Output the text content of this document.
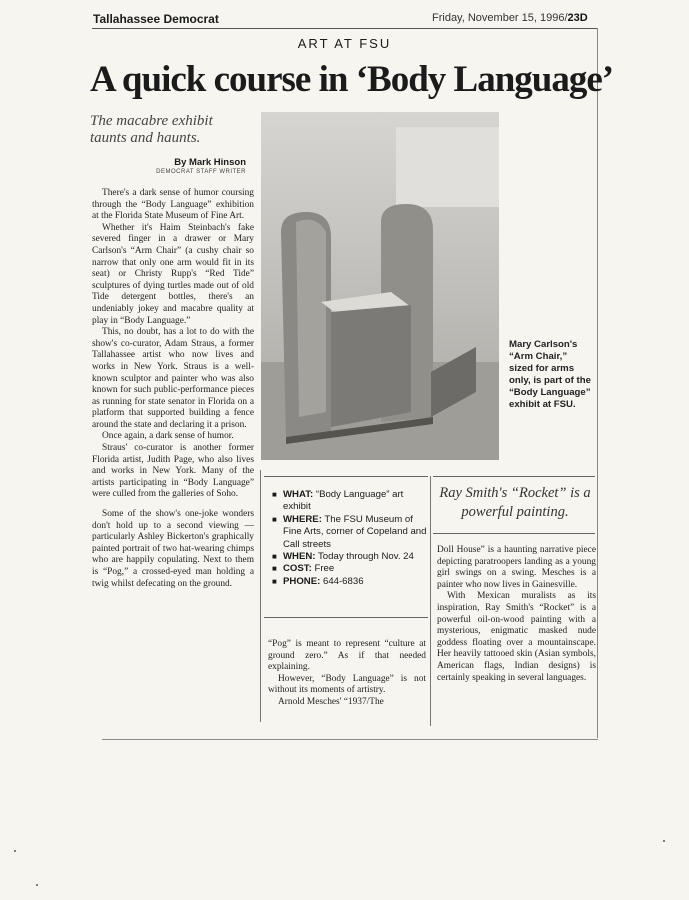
Tallahassee Democrat	Friday, November 15, 1996/23D
ART AT FSU
A quick course in ‘Body Language’
The macabre exhibit taunts and haunts.
By Mark Hinson
DEMOCRAT STAFF WRITER

There's a dark sense of humor coursing through the “Body Language” exhibition at the Florida State Museum of Fine Art.

Whether it's Haim Steinbach's fake severed finger in a drawer or Mary Carlson's “Arm Chair” (a cushy chair so narrow that only one arm would fit in its seat) or Christy Rupp's “Red Tide” sculptures of dying turtles made out of old Tide detergent bottles, there's an undeniably jokey and macabre quality at play in “Body Language.”

This, no doubt, has a lot to do with the show's co-curator, Adam Straus, a former Tallahassee artist who now lives and works in New York. Straus is a well-known sculptor and painter who was also known for such public-performance pieces as running for state senator in Florida on a platform that supported building a fence around the state and declaring it a prison.

Once again, a dark sense of humor.

Straus' co-curator is another former Florida artist, Judith Page, who also lives and works in New York. Many of the artists participating in “Body Language” were culled from the galleries of Soho.

Some of the show's one-joke wonders don't hold up to a second viewing — particularly Ashley Bickerton's graphically painted portrait of two hat-wearing chimps who are happily copulating. Next to them is “Pog,” a crossed-eyed man holding a twig whilst defecating on the ground.

Mary Carlson's “Arm Chair,” sized for arms only, is part of the “Body Language” exhibit at FSU.
■ WHAT: “Body Language” art exhibit
■ WHERE: The FSU Museum of Fine Arts, corner of Copeland and Call streets
■ WHEN: Today through Nov. 24
■ COST: Free
■ PHONE: 644-6836
Ray Smith's “Rocket” is a powerful painting.

“Pog” is meant to represent “culture at ground zero.” As if that needed explaining.

However, “Body Language” is not without its moments of artistry.

Arnold Mesches' “1937/The

Doll House” is a haunting narrative piece depicting paratroopers landing as a young girl swings on a swing. Mesches is a painter who now lives in Gainesville.

With Mexican muralists as its inspiration, Ray Smith's “Rocket” is a powerful oil-on-wood painting with a mysterious, enigmatic masked nude goddess floating over a mountainscape. Her heavily tattooed skin (Asian symbols, American flags, Indian designs) is certainly speaking in several languages.
